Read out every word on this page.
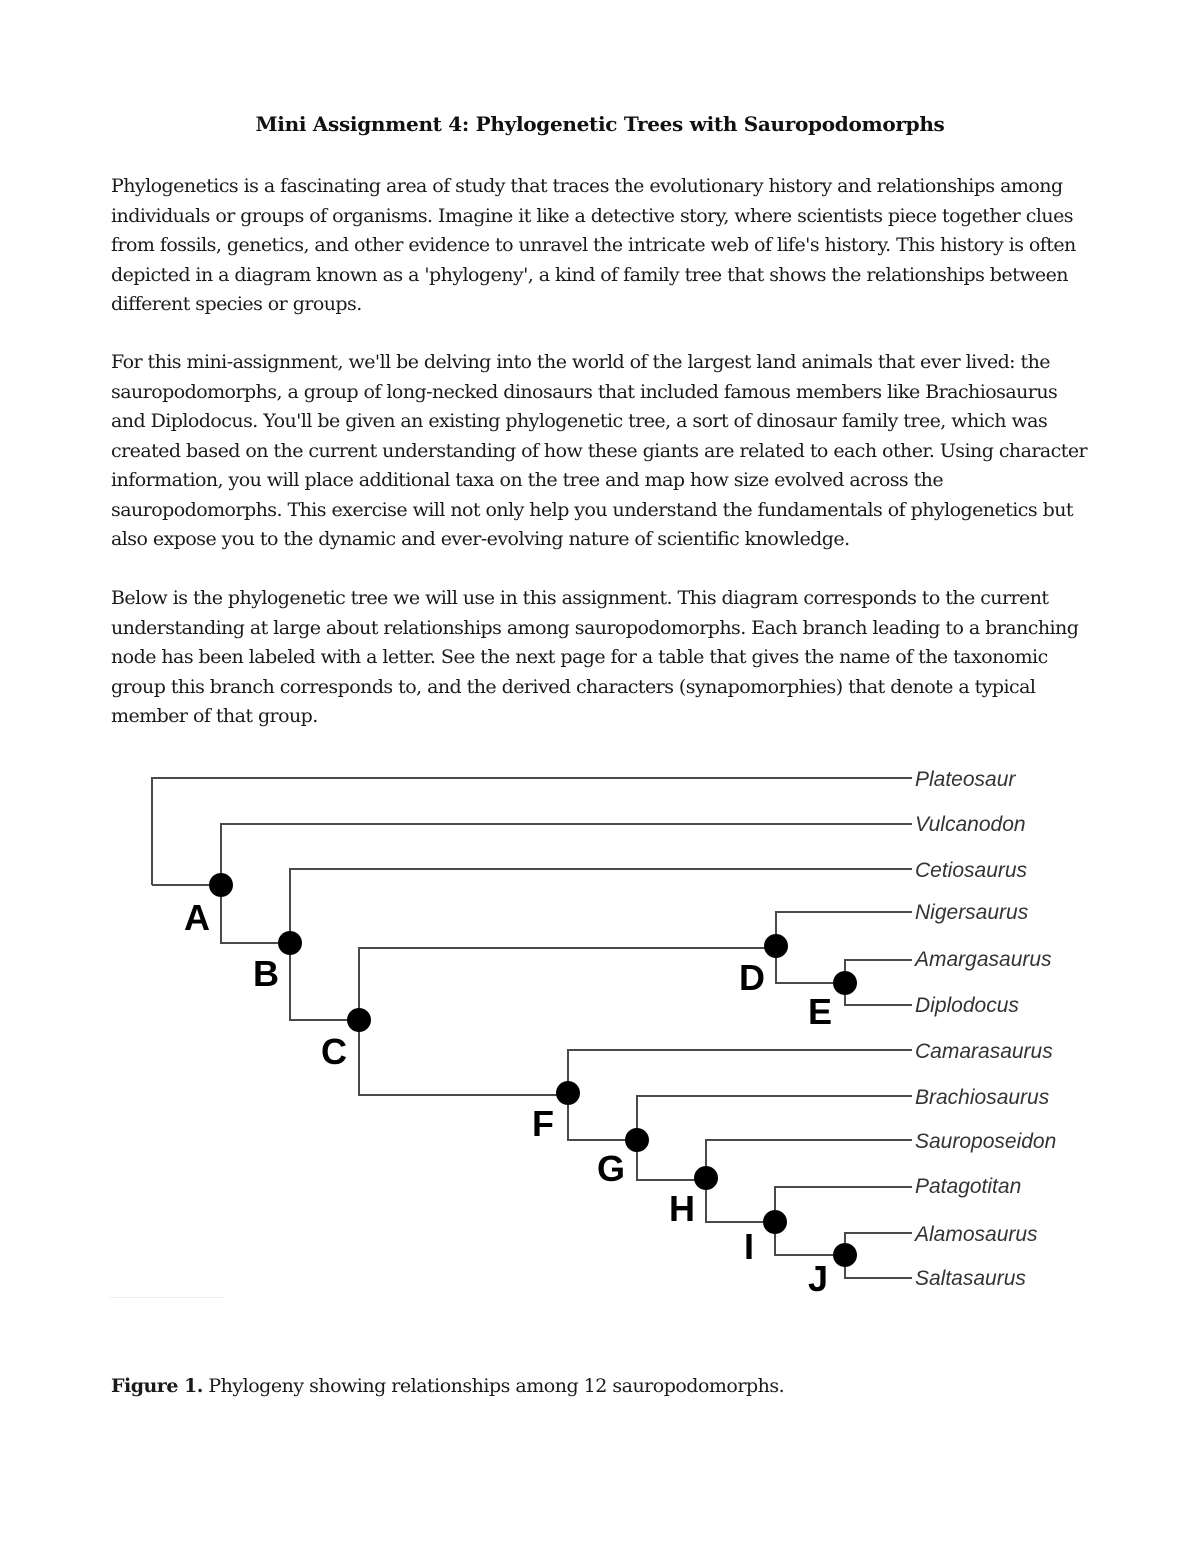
Mini Assignment 4: Phylogenetic Trees with Sauropodomorphs

Phylogenetics is a fascinating area of study that traces the evolutionary history and relationships among individuals or groups of organisms. Imagine it like a detective story, where scientists piece together clues from fossils, genetics, and other evidence to unravel the intricate web of life's history. This history is often depicted in a diagram known as a 'phylogeny', a kind of family tree that shows the relationships between different species or groups.

For this mini-assignment, we'll be delving into the world of the largest land animals that ever lived: the sauropodomorphs, a group of long-necked dinosaurs that included famous members like Brachiosaurus and Diplodocus. You'll be given an existing phylogenetic tree, a sort of dinosaur family tree, which was created based on the current understanding of how these giants are related to each other. Using character information, you will place additional taxa on the tree and map how size evolved across the sauropodomorphs. This exercise will not only help you understand the fundamentals of phylogenetics but also expose you to the dynamic and ever-evolving nature of scientific knowledge.

Below is the phylogenetic tree we will use in this assignment. This diagram corresponds to the current understanding at large about relationships among sauropodomorphs. Each branch leading to a branching node has been labeled with a letter. See the next page for a table that gives the name of the taxonomic group this branch corresponds to, and the derived characters (synapomorphies) that denote a typical member of that group.

A
B
C
D
E
F
G
H
I
J
Plateosaur
Vulcanodon
Cetiosaurus
Nigersaurus
Amargasaurus
Diplodocus
Camarasaurus
Brachiosaurus
Sauroposeidon
Patagotitan
Alamosaurus
Saltasaurus

Figure 1. Phylogeny showing relationships among 12 sauropodomorphs.
